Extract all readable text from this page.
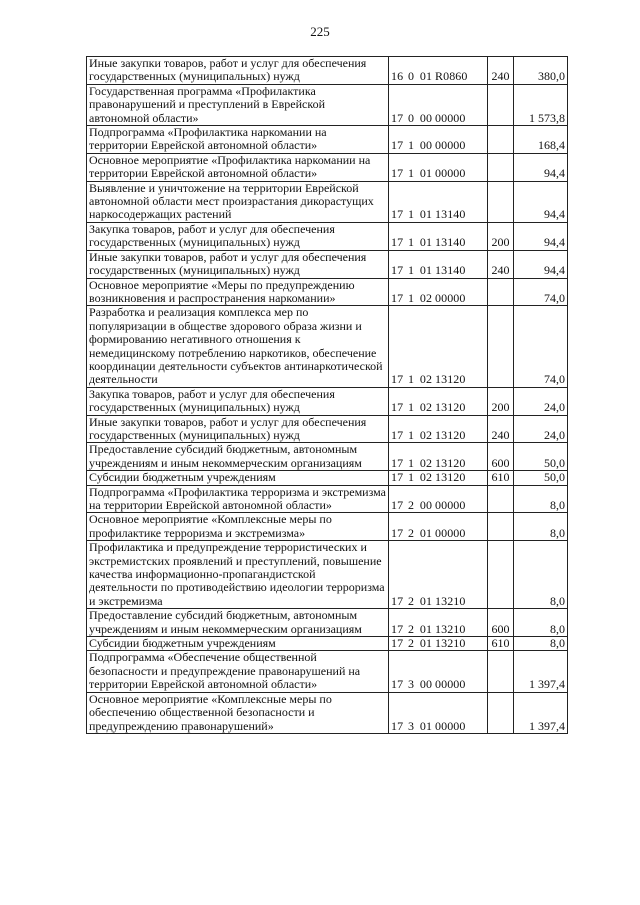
225
Иные закупки товаров, работ и услуг для обеспечения государственных (муниципальных) нужд	16 0 01 R0860	240	380,0
Государственная программа «Профилактика правонарушений и преступлений в Еврейской автономной области»	17 0 00 00000		1 573,8
Подпрограмма «Профилактика наркомании на территории Еврейской автономной области»	17 1 00 00000		168,4
Основное мероприятие «Профилактика наркомании на территории Еврейской автономной области»	17 1 01 00000		94,4
Выявление и уничтожение на территории Еврейской автономной области мест произрастания дикорастущих наркосодержащих растений	17 1 01 13140		94,4
Закупка товаров, работ и услуг для обеспечения государственных (муниципальных) нужд	17 1 01 13140	200	94,4
Иные закупки товаров, работ и услуг для обеспечения государственных (муниципальных) нужд	17 1 01 13140	240	94,4
Основное мероприятие «Меры по предупреждению возникновения и распространения наркомании»	17 1 02 00000		74,0
Разработка и реализация комплекса мер по популяризации в обществе здорового образа жизни и формированию негативного отношения к немедицинскому потреблению наркотиков, обеспечение координации деятельности субъектов антинаркотической деятельности	17 1 02 13120		74,0
Закупка товаров, работ и услуг для обеспечения государственных (муниципальных) нужд	17 1 02 13120	200	24,0
Иные закупки товаров, работ и услуг для обеспечения государственных (муниципальных) нужд	17 1 02 13120	240	24,0
Предоставление субсидий бюджетным, автономным учреждениям и иным некоммерческим организациям	17 1 02 13120	600	50,0
Субсидии бюджетным учреждениям	17 1 02 13120	610	50,0
Подпрограмма «Профилактика терроризма и экстремизма на территории Еврейской автономной области»	17 2 00 00000		8,0
Основное мероприятие «Комплексные меры по профилактике терроризма и экстремизма»	17 2 01 00000		8,0
Профилактика и предупреждение террористических и экстремистских проявлений и преступлений, повышение качества информационно-пропагандистской деятельности по противодействию идеологии терроризма и экстремизма	17 2 01 13210		8,0
Предоставление субсидий бюджетным, автономным учреждениям и иным некоммерческим организациям	17 2 01 13210	600	8,0
Субсидии бюджетным учреждениям	17 2 01 13210	610	8,0
Подпрограмма «Обеспечение общественной безопасности и предупреждение правонарушений на территории Еврейской автономной области»	17 3 00 00000		1 397,4
Основное мероприятие «Комплексные меры по обеспечению общественной безопасности и предупреждению правонарушений»	17 3 01 00000		1 397,4
